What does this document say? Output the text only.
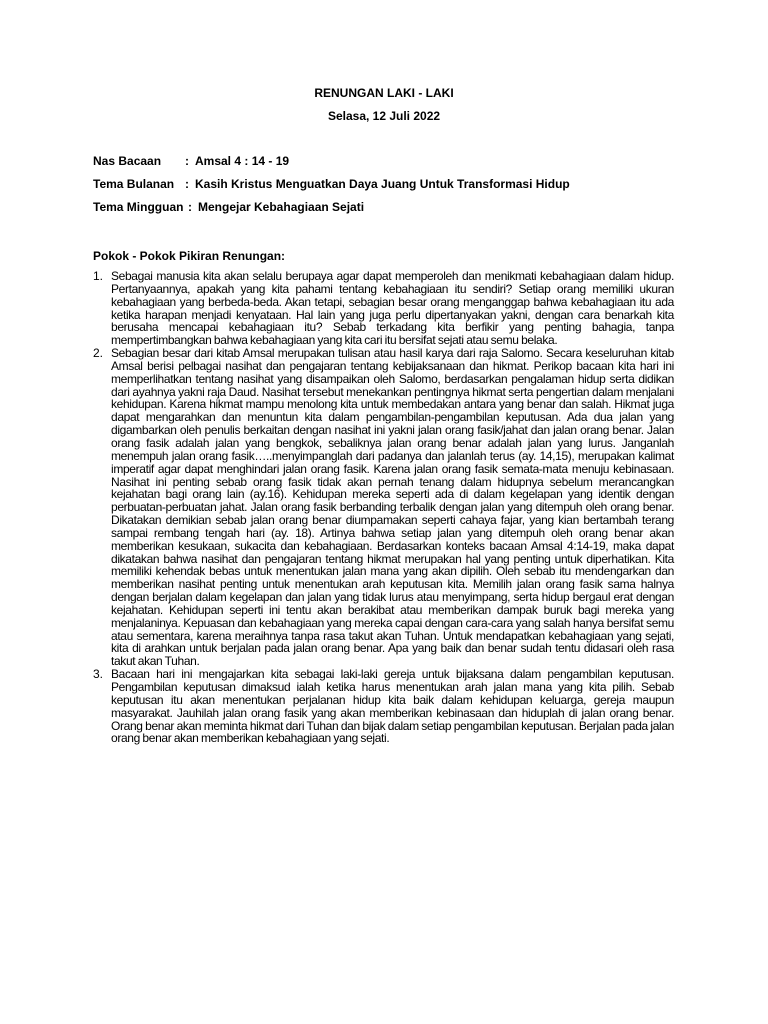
RENUNGAN LAKI - LAKI
Selasa, 12 Juli 2022
Nas Bacaan : Amsal 4 : 14 - 19
Tema Bulanan : Kasih Kristus Menguatkan Daya Juang Untuk Transformasi Hidup
Tema Mingguan : Mengejar Kebahagiaan Sejati
Pokok - Pokok Pikiran Renungan:
1. Sebagai manusia kita akan selalu berupaya agar dapat memperoleh dan menikmati kebahagiaan dalam hidup. Pertanyaannya, apakah yang kita pahami tentang kebahagiaan itu sendiri? Setiap orang memiliki ukuran kebahagiaan yang berbeda-beda. Akan tetapi, sebagian besar orang menganggap bahwa kebahagiaan itu ada ketika harapan menjadi kenyataan. Hal lain yang juga perlu dipertanyakan yakni, dengan cara benarkah kita berusaha mencapai kebahagiaan itu? Sebab terkadang kita berfikir yang penting bahagia, tanpa mempertimbangkan bahwa kebahagiaan yang kita cari itu bersifat sejati atau semu belaka.
2. Sebagian besar dari kitab Amsal merupakan tulisan atau hasil karya dari raja Salomo. Secara keseluruhan kitab Amsal berisi pelbagai nasihat dan pengajaran tentang kebijaksanaan dan hikmat. Perikop bacaan kita hari ini memperlihatkan tentang nasihat yang disampaikan oleh Salomo, berdasarkan pengalaman hidup serta didikan dari ayahnya yakni raja Daud. Nasihat tersebut menekankan pentingnya hikmat serta pengertian dalam menjalani kehidupan. Karena hikmat mampu menolong kita untuk membedakan antara yang benar dan salah. Hikmat juga dapat mengarahkan dan menuntun kita dalam pengambilan-pengambilan keputusan. Ada dua jalan yang digambarkan oleh penulis berkaitan dengan nasihat ini yakni jalan orang fasik/jahat dan jalan orang benar. Jalan orang fasik adalah jalan yang bengkok, sebaliknya jalan orang benar adalah jalan yang lurus. Janganlah menempuh jalan orang fasik…..menyimpanglah dari padanya dan jalanlah terus (ay. 14,15), merupakan kalimat imperatif agar dapat menghindari jalan orang fasik. Karena jalan orang fasik semata-mata menuju kebinasaan. Nasihat ini penting sebab orang fasik tidak akan pernah tenang dalam hidupnya sebelum merancangkan kejahatan bagi orang lain (ay.16). Kehidupan mereka seperti ada di dalam kegelapan yang identik dengan perbuatan-perbuatan jahat. Jalan orang fasik berbanding terbalik dengan jalan yang ditempuh oleh orang benar. Dikatakan demikian sebab jalan orang benar diumpamakan seperti cahaya fajar, yang kian bertambah terang sampai rembang tengah hari (ay. 18). Artinya bahwa setiap jalan yang ditempuh oleh orang benar akan memberikan kesukaan, sukacita dan kebahagiaan. Berdasarkan konteks bacaan Amsal 4:14-19, maka dapat dikatakan bahwa nasihat dan pengajaran tentang hikmat merupakan hal yang penting untuk diperhatikan. Kita memiliki kehendak bebas untuk menentukan jalan mana yang akan dipilih. Oleh sebab itu mendengarkan dan memberikan nasihat penting untuk menentukan arah keputusan kita. Memilih jalan orang fasik sama halnya dengan berjalan dalam kegelapan dan jalan yang tidak lurus atau menyimpang, serta hidup bergaul erat dengan kejahatan. Kehidupan seperti ini tentu akan berakibat atau memberikan dampak buruk bagi mereka yang menjalaninya. Kepuasan dan kebahagiaan yang mereka capai dengan cara-cara yang salah hanya bersifat semu atau sementara, karena meraihnya tanpa rasa takut akan Tuhan. Untuk mendapatkan kebahagiaan yang sejati, kita di arahkan untuk berjalan pada jalan orang benar. Apa yang baik dan benar sudah tentu didasari oleh rasa takut akan Tuhan.
3. Bacaan hari ini mengajarkan kita sebagai laki-laki gereja untuk bijaksana dalam pengambilan keputusan. Pengambilan keputusan dimaksud ialah ketika harus menentukan arah jalan mana yang kita pilih. Sebab keputusan itu akan menentukan perjalanan hidup kita baik dalam kehidupan keluarga, gereja maupun masyarakat. Jauhilah jalan orang fasik yang akan memberikan kebinasaan dan hiduplah di jalan orang benar. Orang benar akan meminta hikmat dari Tuhan dan bijak dalam setiap pengambilan keputusan. Berjalan pada jalan orang benar akan memberikan kebahagiaan yang sejati.
